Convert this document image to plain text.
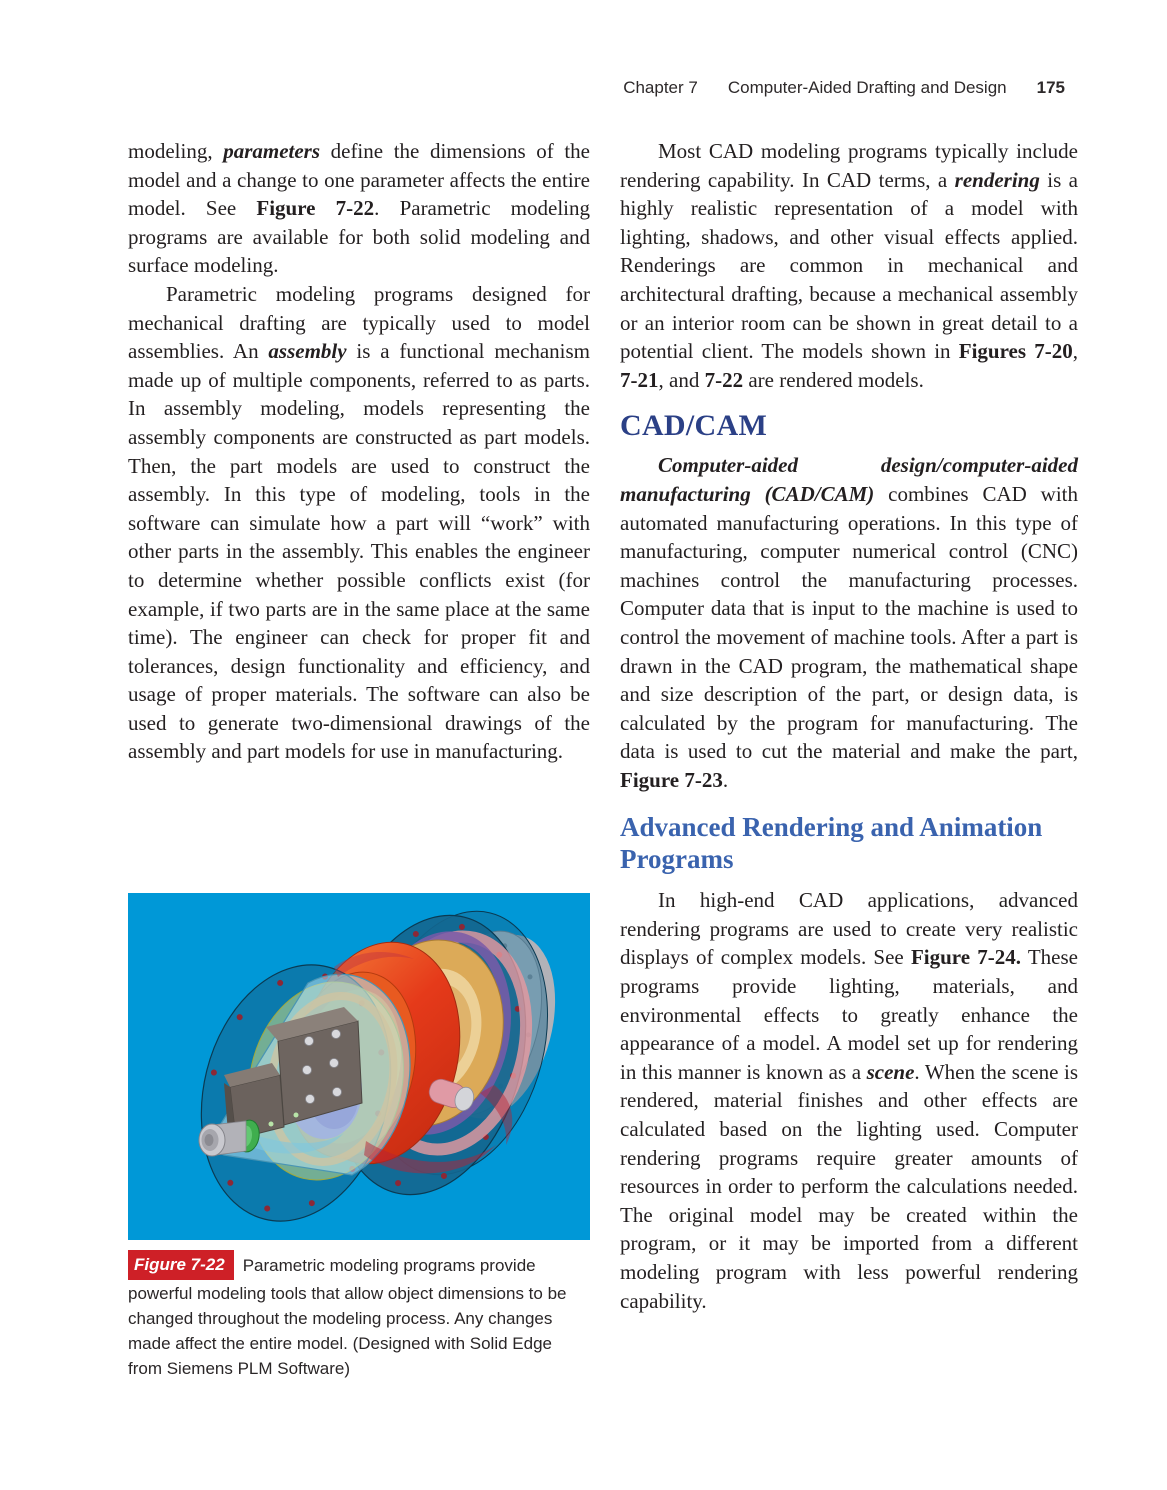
Chapter 7 Computer-Aided Drafting and Design 175

modeling, parameters define the dimensions of the model and a change to one parameter affects the entire model. See Figure 7-22. Parametric modeling programs are available for both solid modeling and surface modeling.

Parametric modeling programs designed for mechanical drafting are typically used to model assemblies. An assembly is a functional mechanism made up of multiple components, referred to as parts. In assembly modeling, models representing the assembly components are constructed as part models. Then, the part models are used to construct the assembly. In this type of modeling, tools in the software can simulate how a part will “work” with other parts in the assembly. This enables the engineer to determine whether possible conflicts exist (for example, if two parts are in the same place at the same time). The engineer can check for proper fit and tolerances, design functionality and efficiency, and usage of proper materials. The software can also be used to generate two-dimensional drawings of the assembly and part models for use in manufacturing.

Most CAD modeling programs typically include rendering capability. In CAD terms, a rendering is a highly realistic representation of a model with lighting, shadows, and other visual effects applied. Renderings are common in mechanical and architectural drafting, because a mechanical assembly or an interior room can be shown in great detail to a potential client. The models shown in Figures 7-20, 7-21, and 7-22 are rendered models.

CAD/CAM

Computer-aided design/computer-aided manufacturing (CAD/CAM) combines CAD with automated manufacturing operations. In this type of manufacturing, computer numerical control (CNC) machines control the manufacturing processes. Computer data that is input to the machine is used to control the movement of machine tools. After a part is drawn in the CAD program, the mathematical shape and size description of the part, or design data, is calculated by the program for manufacturing. The data is used to cut the material and make the part, Figure 7-23.

Advanced Rendering and Animation Programs

In high-end CAD applications, advanced rendering programs are used to create very realistic displays of complex models. See Figure 7-24. These programs provide lighting, materials, and environmental effects to greatly enhance the appearance of a model. A model set up for rendering in this manner is known as a scene. When the scene is rendered, material finishes and other effects are calculated based on the lighting used. Computer rendering programs require greater amounts of resources in order to perform the calculations needed. The original model may be created within the program, or it may be imported from a different modeling program with less powerful rendering capability.

Figure 7-22 Parametric modeling programs provide powerful modeling tools that allow object dimensions to be changed throughout the modeling process. Any changes made affect the entire model. (Designed with Solid Edge from Siemens PLM Software)
